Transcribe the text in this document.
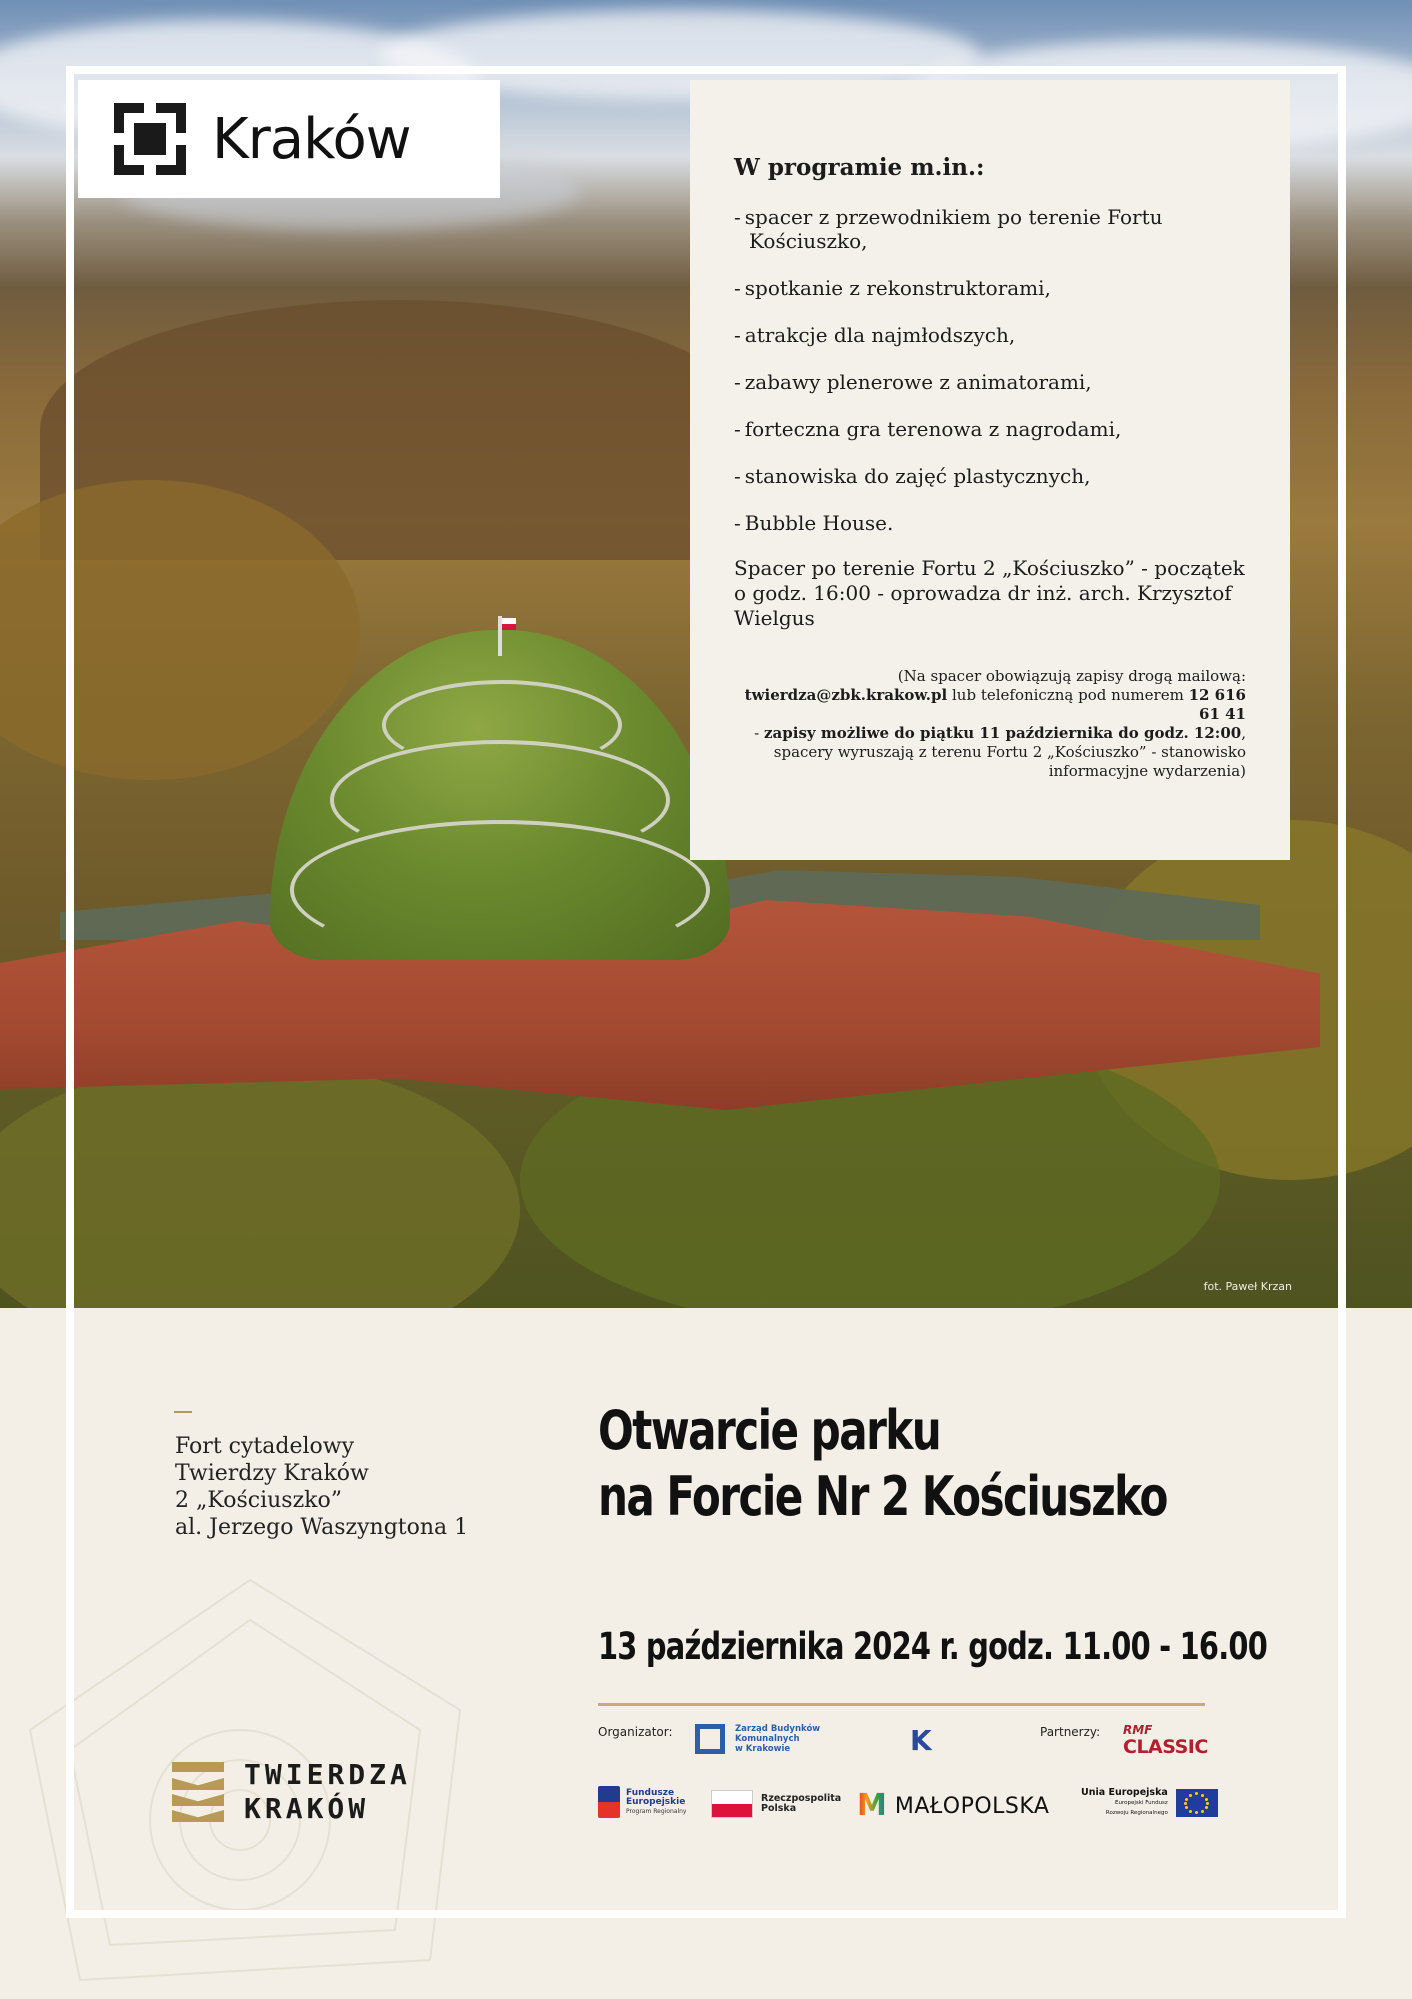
fot. Paweł Krzan
Kraków	W programie m.in.:
- spacer z przewodnikiem po terenie Fortu Kościuszko,
- spotkanie z rekonstruktorami,
- atrakcje dla najmłodszych,
- zabawy plenerowe z animatorami,
- forteczna gra terenowa z nagrodami,
- stanowiska do zajęć plastycznych,
- Bubble House.

Spacer po terenie Fortu 2 „Kościuszko” - początek o godz. 16:00 - oprowadza dr inż. arch. Krzysztof Wielgus

(Na spacer obowiązują zapisy drogą mailową:
twierdza@zbk.krakow.pl lub telefoniczną pod numerem 12 616 61 41
- zapisy możliwe do piątku 11 października do godz. 12:00,
spacery wyruszają z terenu Fortu 2 „Kościuszko” - stanowisko
informacyjne wydarzenia)
Fort cytadelowy
Twierdzy Kraków
2 „Kościuszko”
al. Jerzego Waszyngtona 1
Otwarcie parku
na Forcie Nr 2 Kościuszko
13 października 2024 r. godz. 11.00 - 16.00
Organizator:	Zarząd Budynków
Komunalnych
w Krakowie	K	Partnerzy: RMF
CLASSIC
Fundusze
Europejskie
Program Regionalny
Rzeczpospolita
Polska	M MAŁOPOLSKA
Unia Europejska
Europejski Fundusz
Rozwoju Regionalnego
TWIERDZA
KRAKÓW
